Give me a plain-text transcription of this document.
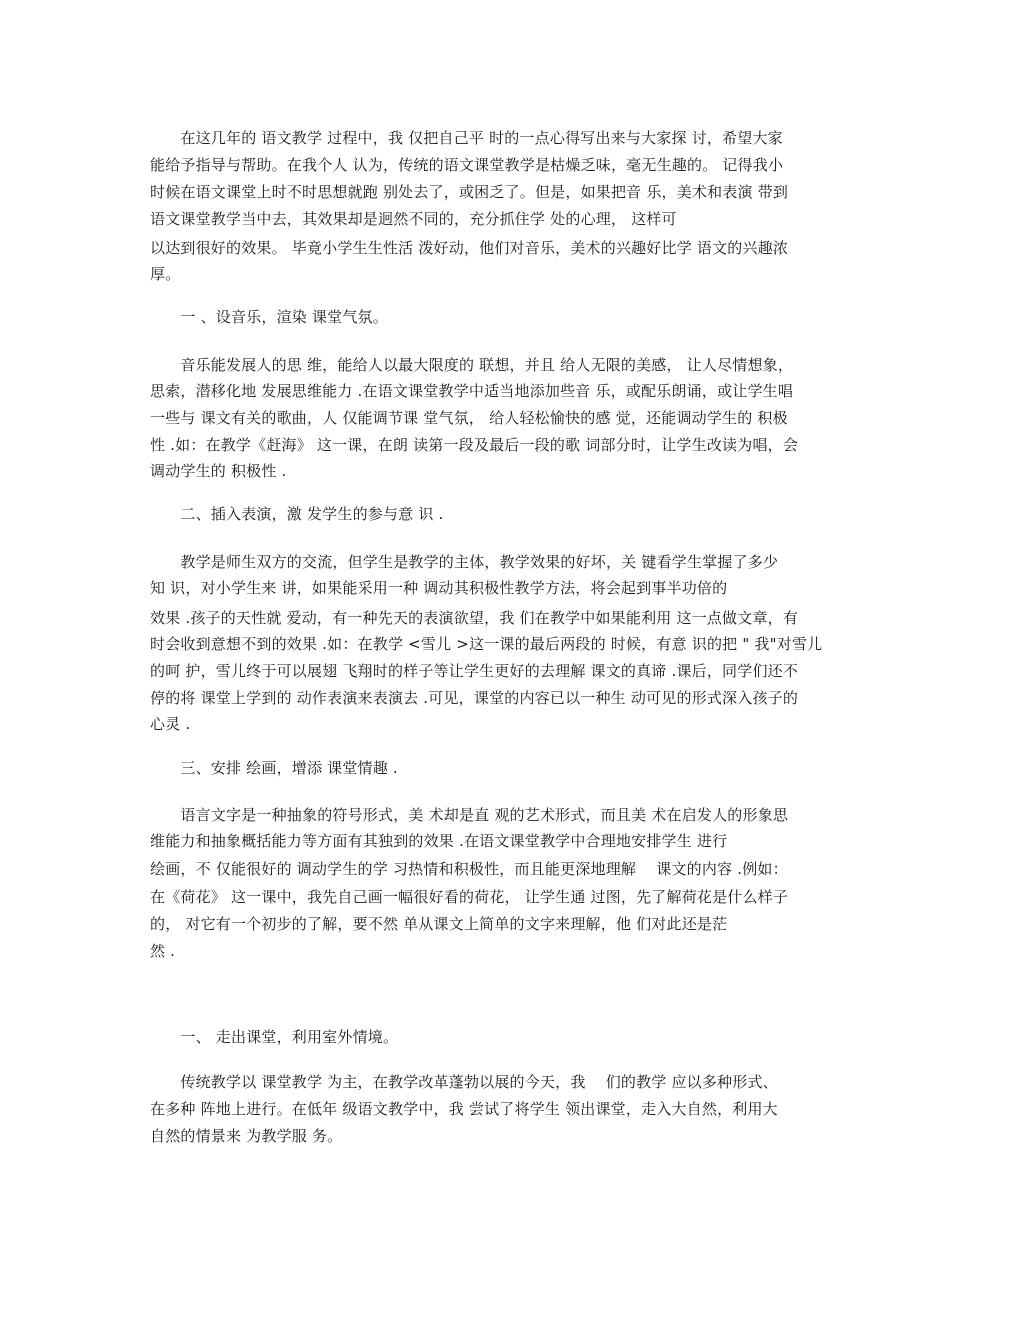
　　在这几年的 语文教学 过程中，我 仅把自己平 时的一点心得写出来与大家探 讨，希望大家
能给予指导与帮助。在我个人 认为，传统的语文课堂教学是枯燥乏味，毫无生趣的。 记得我小
时候在语文课堂上时不时思想就跑 别处去了，或困乏了。但是，如果把音 乐，美术和表演 带到
语文课堂教学当中去，其效果却是迥然不同的，充分抓住学 处的心理， 这样可
以达到很好的效果。 毕竟小学生生性活 泼好动，他们对音乐，美术的兴趣好比学 语文的兴趣浓
厚。
　　一 、设音乐，渲染 课堂气氛。
　　音乐能发展人的思 维，能给人以最大限度的 联想，并且 给人无限的美感， 让人尽情想象，
思索，潜移化地 发展思维能力 .在语文课堂教学中适当地添加些音 乐，或配乐朗诵，或让学生唱
一些与 课文有关的歌曲，人 仅能调节课 堂气氛， 给人轻松愉快的感 觉，还能调动学生的 积极
性 .如：在教学《赶海》 这一课，在朗 读第一段及最后一段的歌 词部分时，让学生改读为唱，会
调动学生的 积极性 .
　　二、插入表演，激 发学生的参与意 识 .
　　教学是师生双方的交流，但学生是教学的主体，教学效果的好坏，关 键看学生掌握了多少
知 识，对小学生来 讲，如果能采用一种 调动其积极性教学方法，将会起到事半功倍的
效果 .孩子的天性就 爱动，有一种先天的表演欲望，我 们在教学中如果能利用 这一点做文章，有
时会收到意想不到的效果 .如：在教学 <雪儿 >这一课的最后两段的 时候，有意 识的把 " 我"对雪儿
的呵 护，雪儿终于可以展翅 飞翔时的样子等让学生更好的去理解 课文的真谛 .课后，同学们还不
停的将 课堂上学到的 动作表演来表演去 .可见，课堂的内容已以一种生 动可见的形式深入孩子的
心灵 .
　　三、安排 绘画，增添 课堂情趣 .
　　语言文字是一种抽象的符号形式，美 术却是直 观的艺术形式，而且美 术在启发人的形象思
维能力和抽象概括能力等方面有其独到的效果 .在语文课堂教学中合理地安排学生 进行
绘画，不 仅能很好的 调动学生的学 习热情和积极性，而且能更深地理解 　课文的内容 .例如：
在《荷花》 这一课中，我先自己画一幅很好看的荷花， 让学生通 过图，先了解荷花是什么样子
的， 对它有一个初步的了解，要不然 单从课文上简单的文字来理解，他 们对此还是茫
然 .
　　一、 走出课堂，利用室外情境。
　　传统教学以 课堂教学 为主，在教学改革蓬勃以展的今天，我 　们的教学 应以多种形式、
在多种 阵地上进行。在低年 级语文教学中，我 尝试了将学生 领出课堂，走入大自然，利用大
自然的情景来 为教学服 务。
